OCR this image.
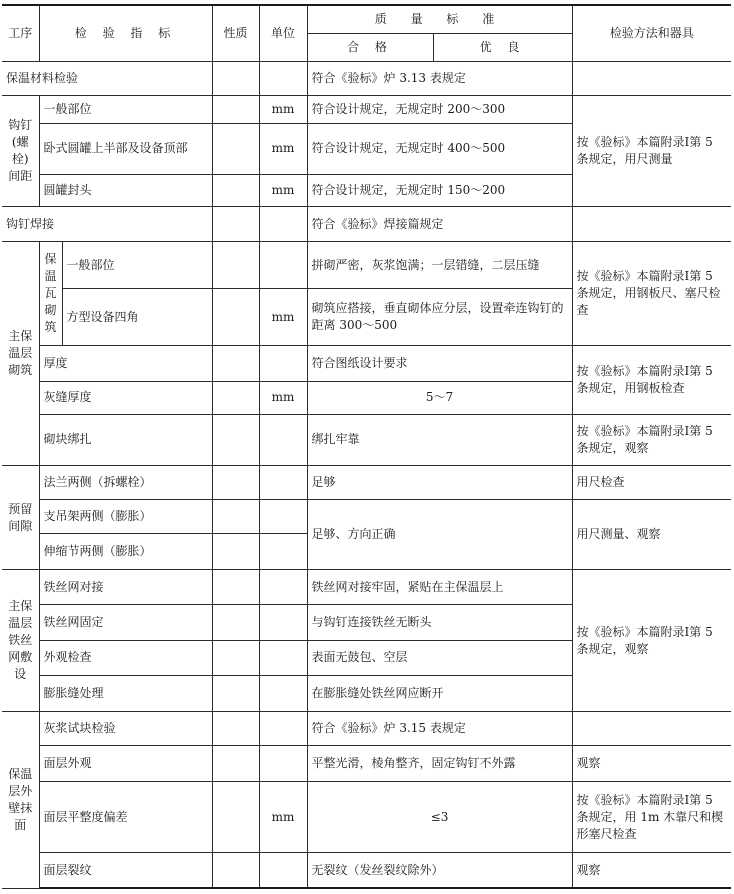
工序	检 验 指 标		性质	单位	质 量 标 准		检验方法和器具
					合 格	优 良	
保温材料检验					符合《验标》炉 3.13 表规定		
钩钉(螺栓)间距	一般部位			mm	符合设计规定，无规定时 200～300		按《验标》本篇附录Ⅰ第 5 条规定，用尺测量
	卧式圆罐上半部及设备顶部			mm	符合设计规定，无规定时 400～500		
	圆罐封头			mm	符合设计规定，无规定时 150～200		
钩钉焊接					符合《验标》焊接篇规定		
主保温层砌筑	保温瓦砌筑	一般部位			拼砌严密，灰浆饱满；一层错缝，二层压缝		按《验标》本篇附录Ⅰ第 5 条规定，用钢板尺、塞尺检查
		方型设备四角		mm	砌筑应搭接，垂直砌体应分层，设置牵连钩钉的距离 300～500		
	厚度				符合图纸设计要求		按《验标》本篇附录Ⅰ第 5 条规定，用钢板检查
	灰缝厚度			mm	5～7		
	砌块绑扎				绑扎牢靠		按《验标》本篇附录Ⅰ第 5 条规定，观察
预留间隙	法兰两侧（拆螺栓）				足够		用尺检查
	支吊架两侧（膨胀）				足够、方向正确		用尺测量、观察
	伸缩节两侧（膨胀）						
主保温层铁丝网敷设	铁丝网对接				铁丝网对接牢固，紧贴在主保温层上		按《验标》本篇附录Ⅰ第 5 条规定，观察
	铁丝网固定				与钩钉连接铁丝无断头		
	外观检查				表面无鼓包、空层		
	膨胀缝处理				在膨胀缝处铁丝网应断开		
保温层外壁抹面	灰浆试块检验				符合《验标》炉 3.15 表规定		
	面层外观				平整光滑，棱角整齐，固定钩钉不外露		观察
	面层平整度偏差			mm	≤3		按《验标》本篇附录Ⅰ第 5 条规定，用 1m 木靠尺和楔形塞尺检查
	面层裂纹				无裂纹（发丝裂纹除外）		观察
